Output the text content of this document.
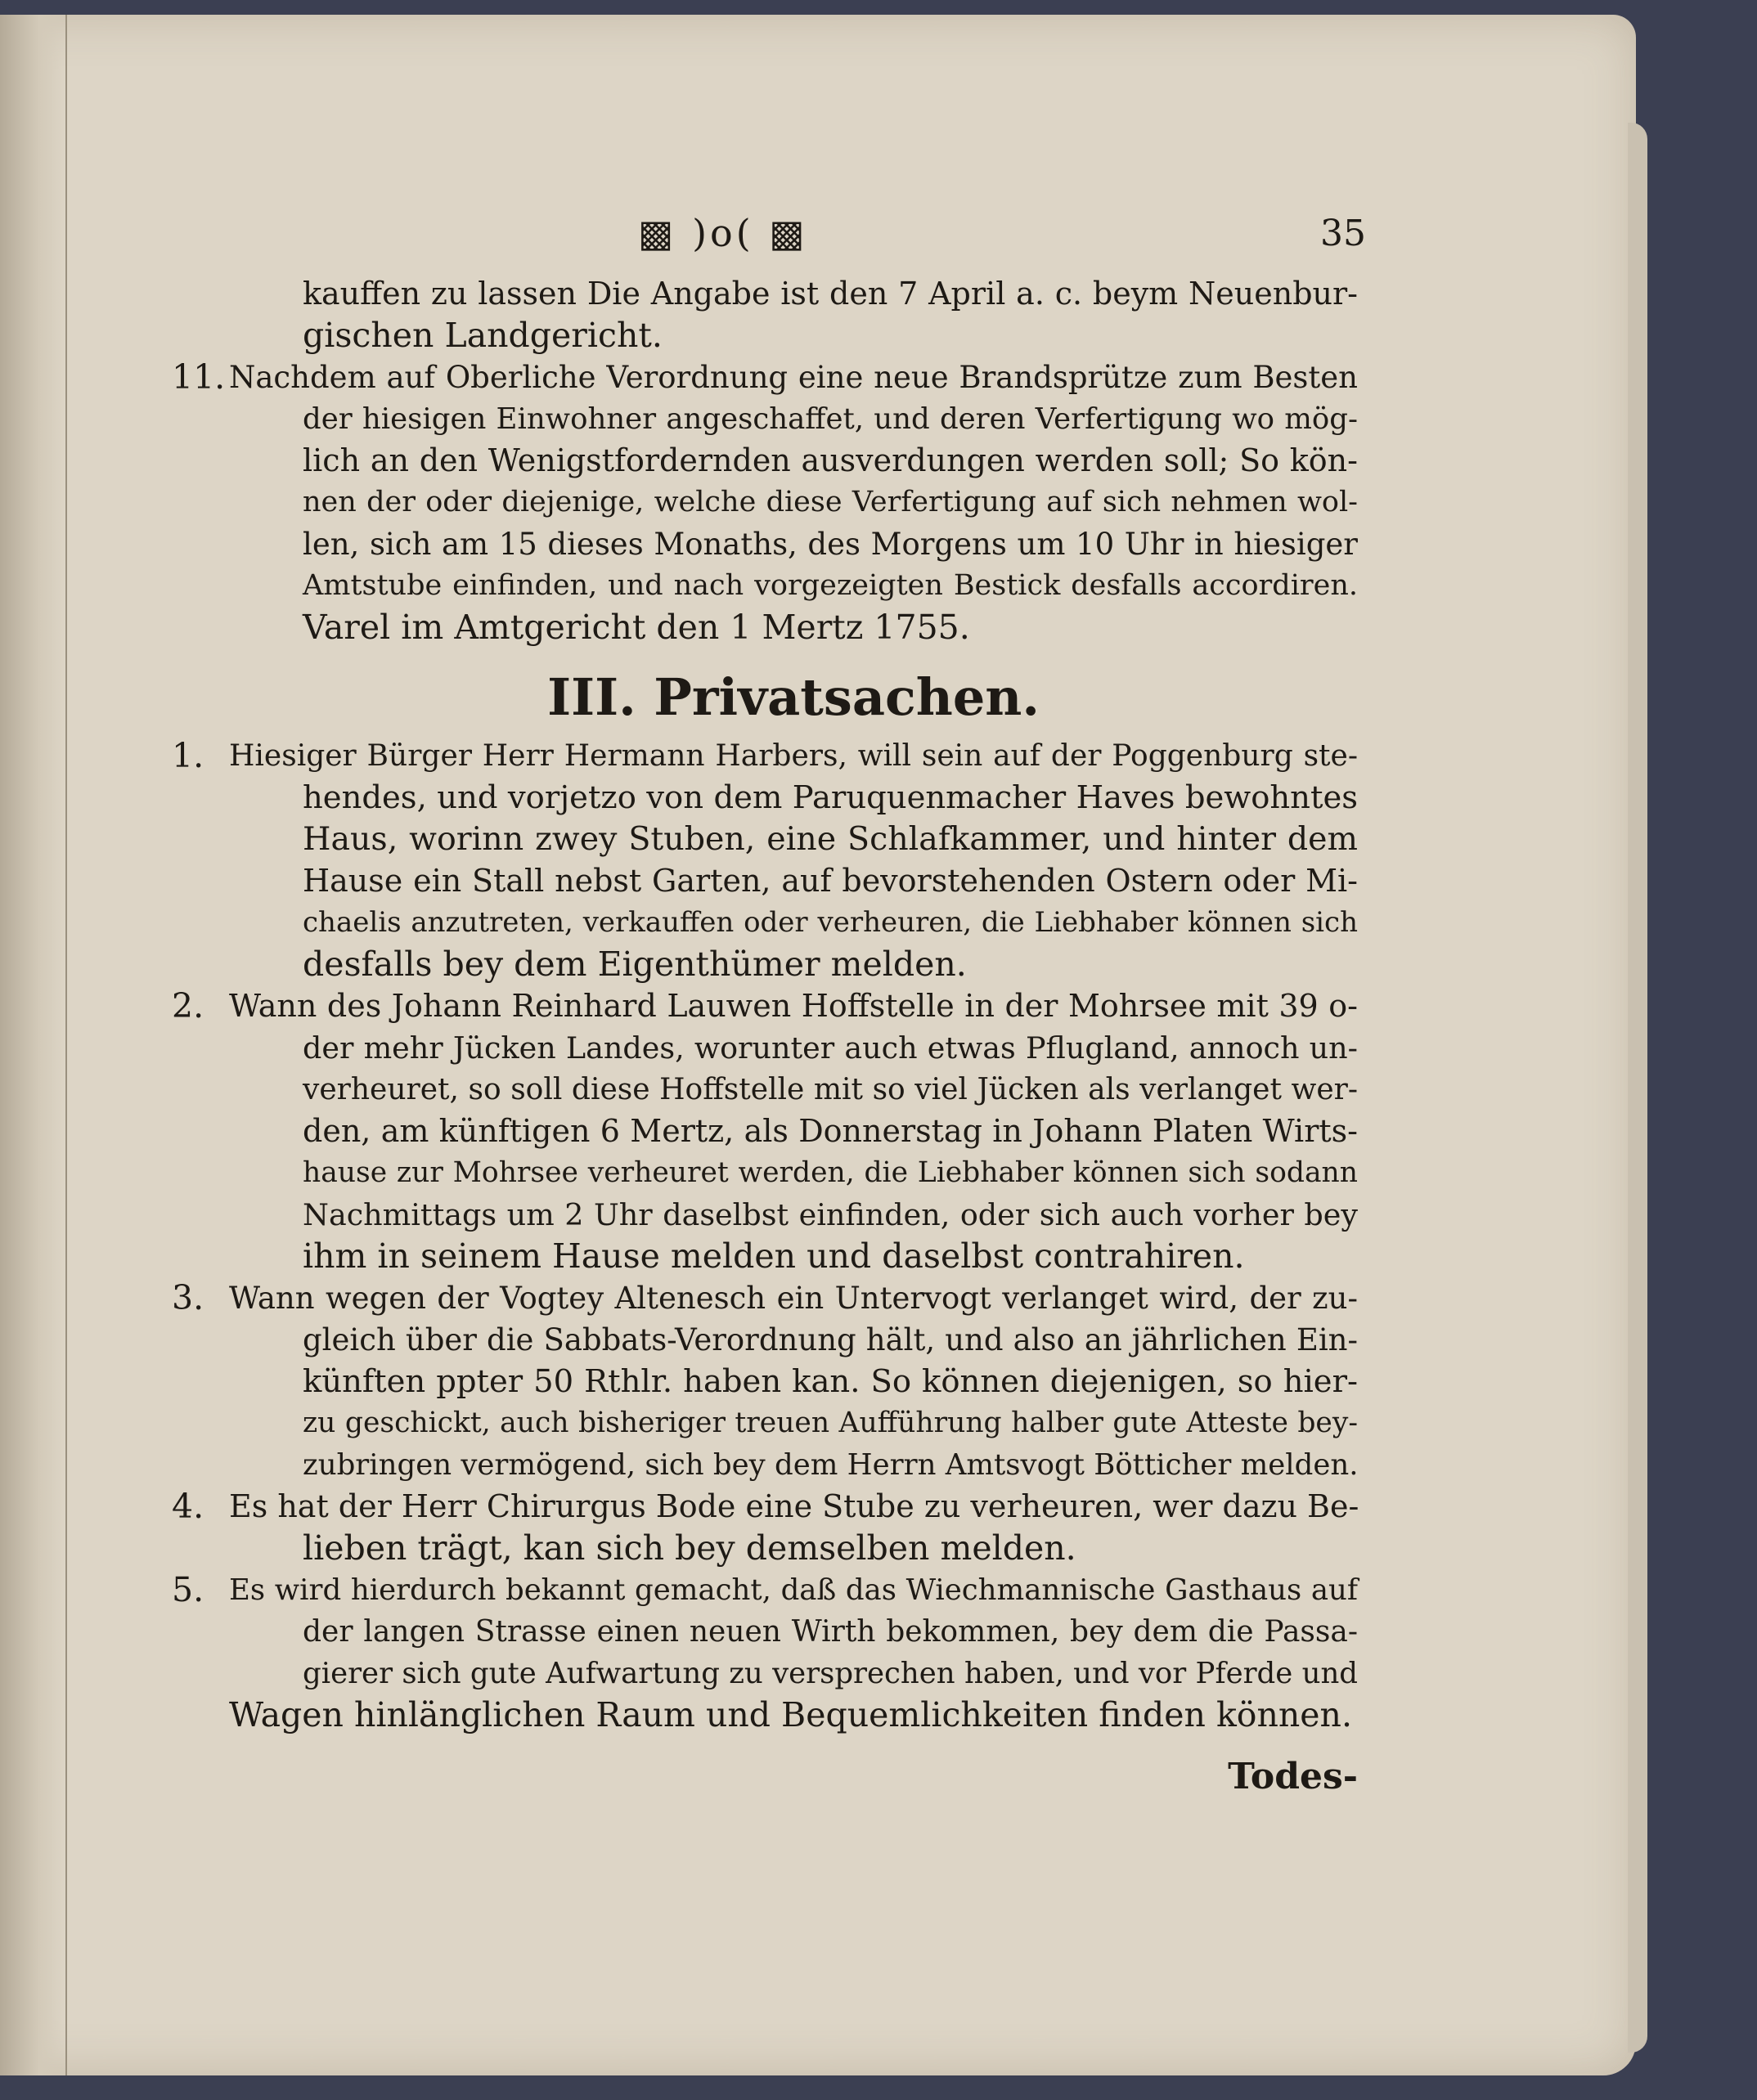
▩ )o( ▩	35
kauffen zu lassen Die Angabe ist den 7 April a. c. beym Neuenbur-
gischen Landgericht.
11. Nachdem auf Oberliche Verordnung eine neue Brandsprütze zum Besten
der hiesigen Einwohner angeschaffet, und deren Verfertigung wo mög-
lich an den Wenigstfordernden ausverdungen werden soll; So kön-
nen der oder diejenige, welche diese Verfertigung auf sich nehmen wol-
len, sich am 15 dieses Monaths, des Morgens um 10 Uhr in hiesiger
Amtstube einfinden, und nach vorgezeigten Bestick desfalls accordiren.
Varel im Amtgericht den 1 Mertz 1755.
III. Privatsachen.
1. Hiesiger Bürger Herr Hermann Harbers, will sein auf der Poggenburg ste-
hendes, und vorjetzo von dem Paruquenmacher Haves bewohntes
Haus, worinn zwey Stuben, eine Schlafkammer, und hinter dem
Hause ein Stall nebst Garten, auf bevorstehenden Ostern oder Mi-
chaelis anzutreten, verkauffen oder verheuren, die Liebhaber können sich
desfalls bey dem Eigenthümer melden.
2. Wann des Johann Reinhard Lauwen Hoffstelle in der Mohrsee mit 39 o-
der mehr Jücken Landes, worunter auch etwas Pflugland, annoch un-
verheuret, so soll diese Hoffstelle mit so viel Jücken als verlanget wer-
den, am künftigen 6 Mertz, als Donnerstag in Johann Platen Wirts-
hause zur Mohrsee verheuret werden, die Liebhaber können sich sodann
Nachmittags um 2 Uhr daselbst einfinden, oder sich auch vorher bey
ihm in seinem Hause melden und daselbst contrahiren.
3. Wann wegen der Vogtey Altenesch ein Untervogt verlanget wird, der zu-
gleich über die Sabbats-Verordnung hält, und also an jährlichen Ein-
künften ppter 50 Rthlr. haben kan. So können diejenigen, so hier-
zu geschickt, auch bisheriger treuen Aufführung halber gute Atteste bey-
zubringen vermögend, sich bey dem Herrn Amtsvogt Bötticher melden.
4. Es hat der Herr Chirurgus Bode eine Stube zu verheuren, wer dazu Be-
lieben trägt, kan sich bey demselben melden.
5. Es wird hierdurch bekannt gemacht, daß das Wiechmannische Gasthaus auf
der langen Strasse einen neuen Wirth bekommen, bey dem die Passa-
gierer sich gute Aufwartung zu versprechen haben, und vor Pferde und
Wagen hinlänglichen Raum und Bequemlichkeiten finden können.
Todes-
